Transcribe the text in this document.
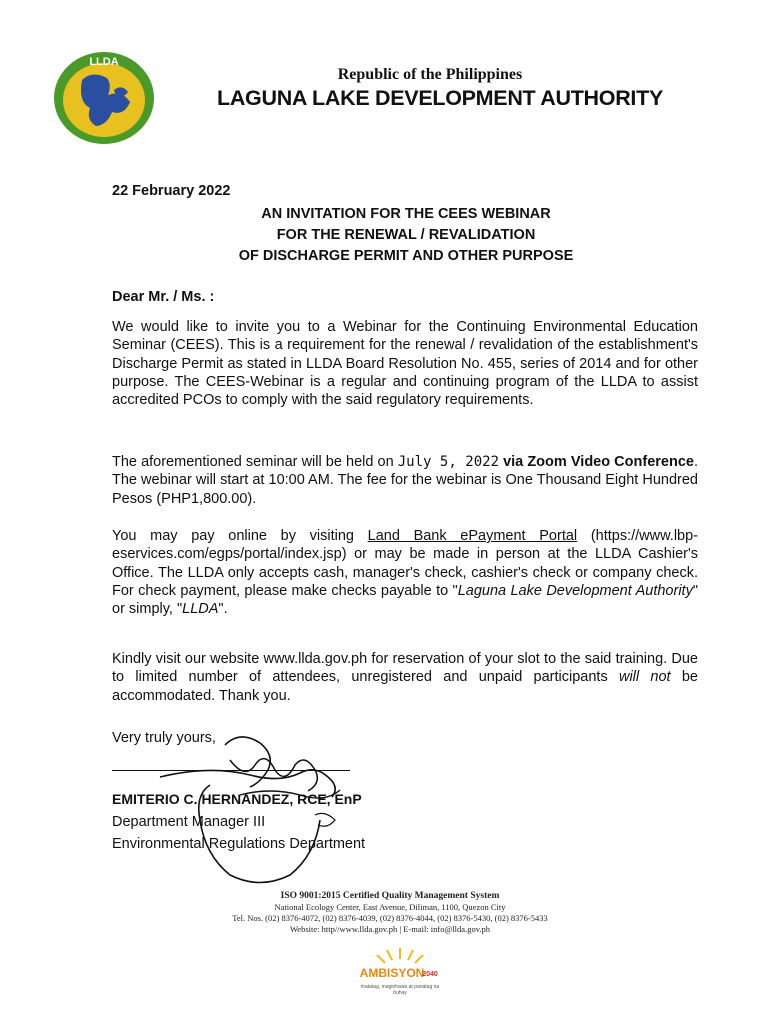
LLDA
Republic of the Philippines
LAGUNA LAKE DEVELOPMENT AUTHORITY
22 February 2022
AN INVITATION FOR THE CEES WEBINAR
FOR THE RENEWAL / REVALIDATION
OF DISCHARGE PERMIT AND OTHER PURPOSE
Dear Mr. / Ms. :

We would like to invite you to a Webinar for the Continuing Environmental Education Seminar (CEES). This is a requirement for the renewal / revalidation of the establishment's Discharge Permit as stated in LLDA Board Resolution No. 455, series of 2014 and for other purpose. The CEES-Webinar is a regular and continuing program of the LLDA to assist accredited PCOs to comply with the said regulatory requirements.

The aforementioned seminar will be held on July 5, 2022 via Zoom Video Conference. The webinar will start at 10:00 AM. The fee for the webinar is One Thousand Eight Hundred Pesos (PHP1,800.00).

You may pay online by visiting Land Bank ePayment Portal (https://www.lbp-eservices.com/egps/portal/index.jsp) or may be made in person at the LLDA Cashier's Office. The LLDA only accepts cash, manager's check, cashier's check or company check. For check payment, please make checks payable to "Laguna Lake Development Authority" or simply, "LLDA".

Kindly visit our website www.llda.gov.ph for reservation of your slot to the said training. Due to limited number of attendees, unregistered and unpaid participants will not be accommodated. Thank you.

Very truly yours,
EMITERIO C. HERNANDEZ, RCE, EnP
Department Manager III
Environmental Regulations Department
ISO 9001:2015 Certified Quality Management System
National Ecology Center, East Avenue, Diliman, 1100, Quezon City
Tel. Nos. (02) 8376-4072, (02) 8376-4039, (02) 8376-4044, (02) 8376-5430, (02) 8376-5433
Website: http//www.llda.gov.ph | E-mail: info@llda.gov.ph
AMBISYON
2040
matatag, maginhawa at panatag na buhay
